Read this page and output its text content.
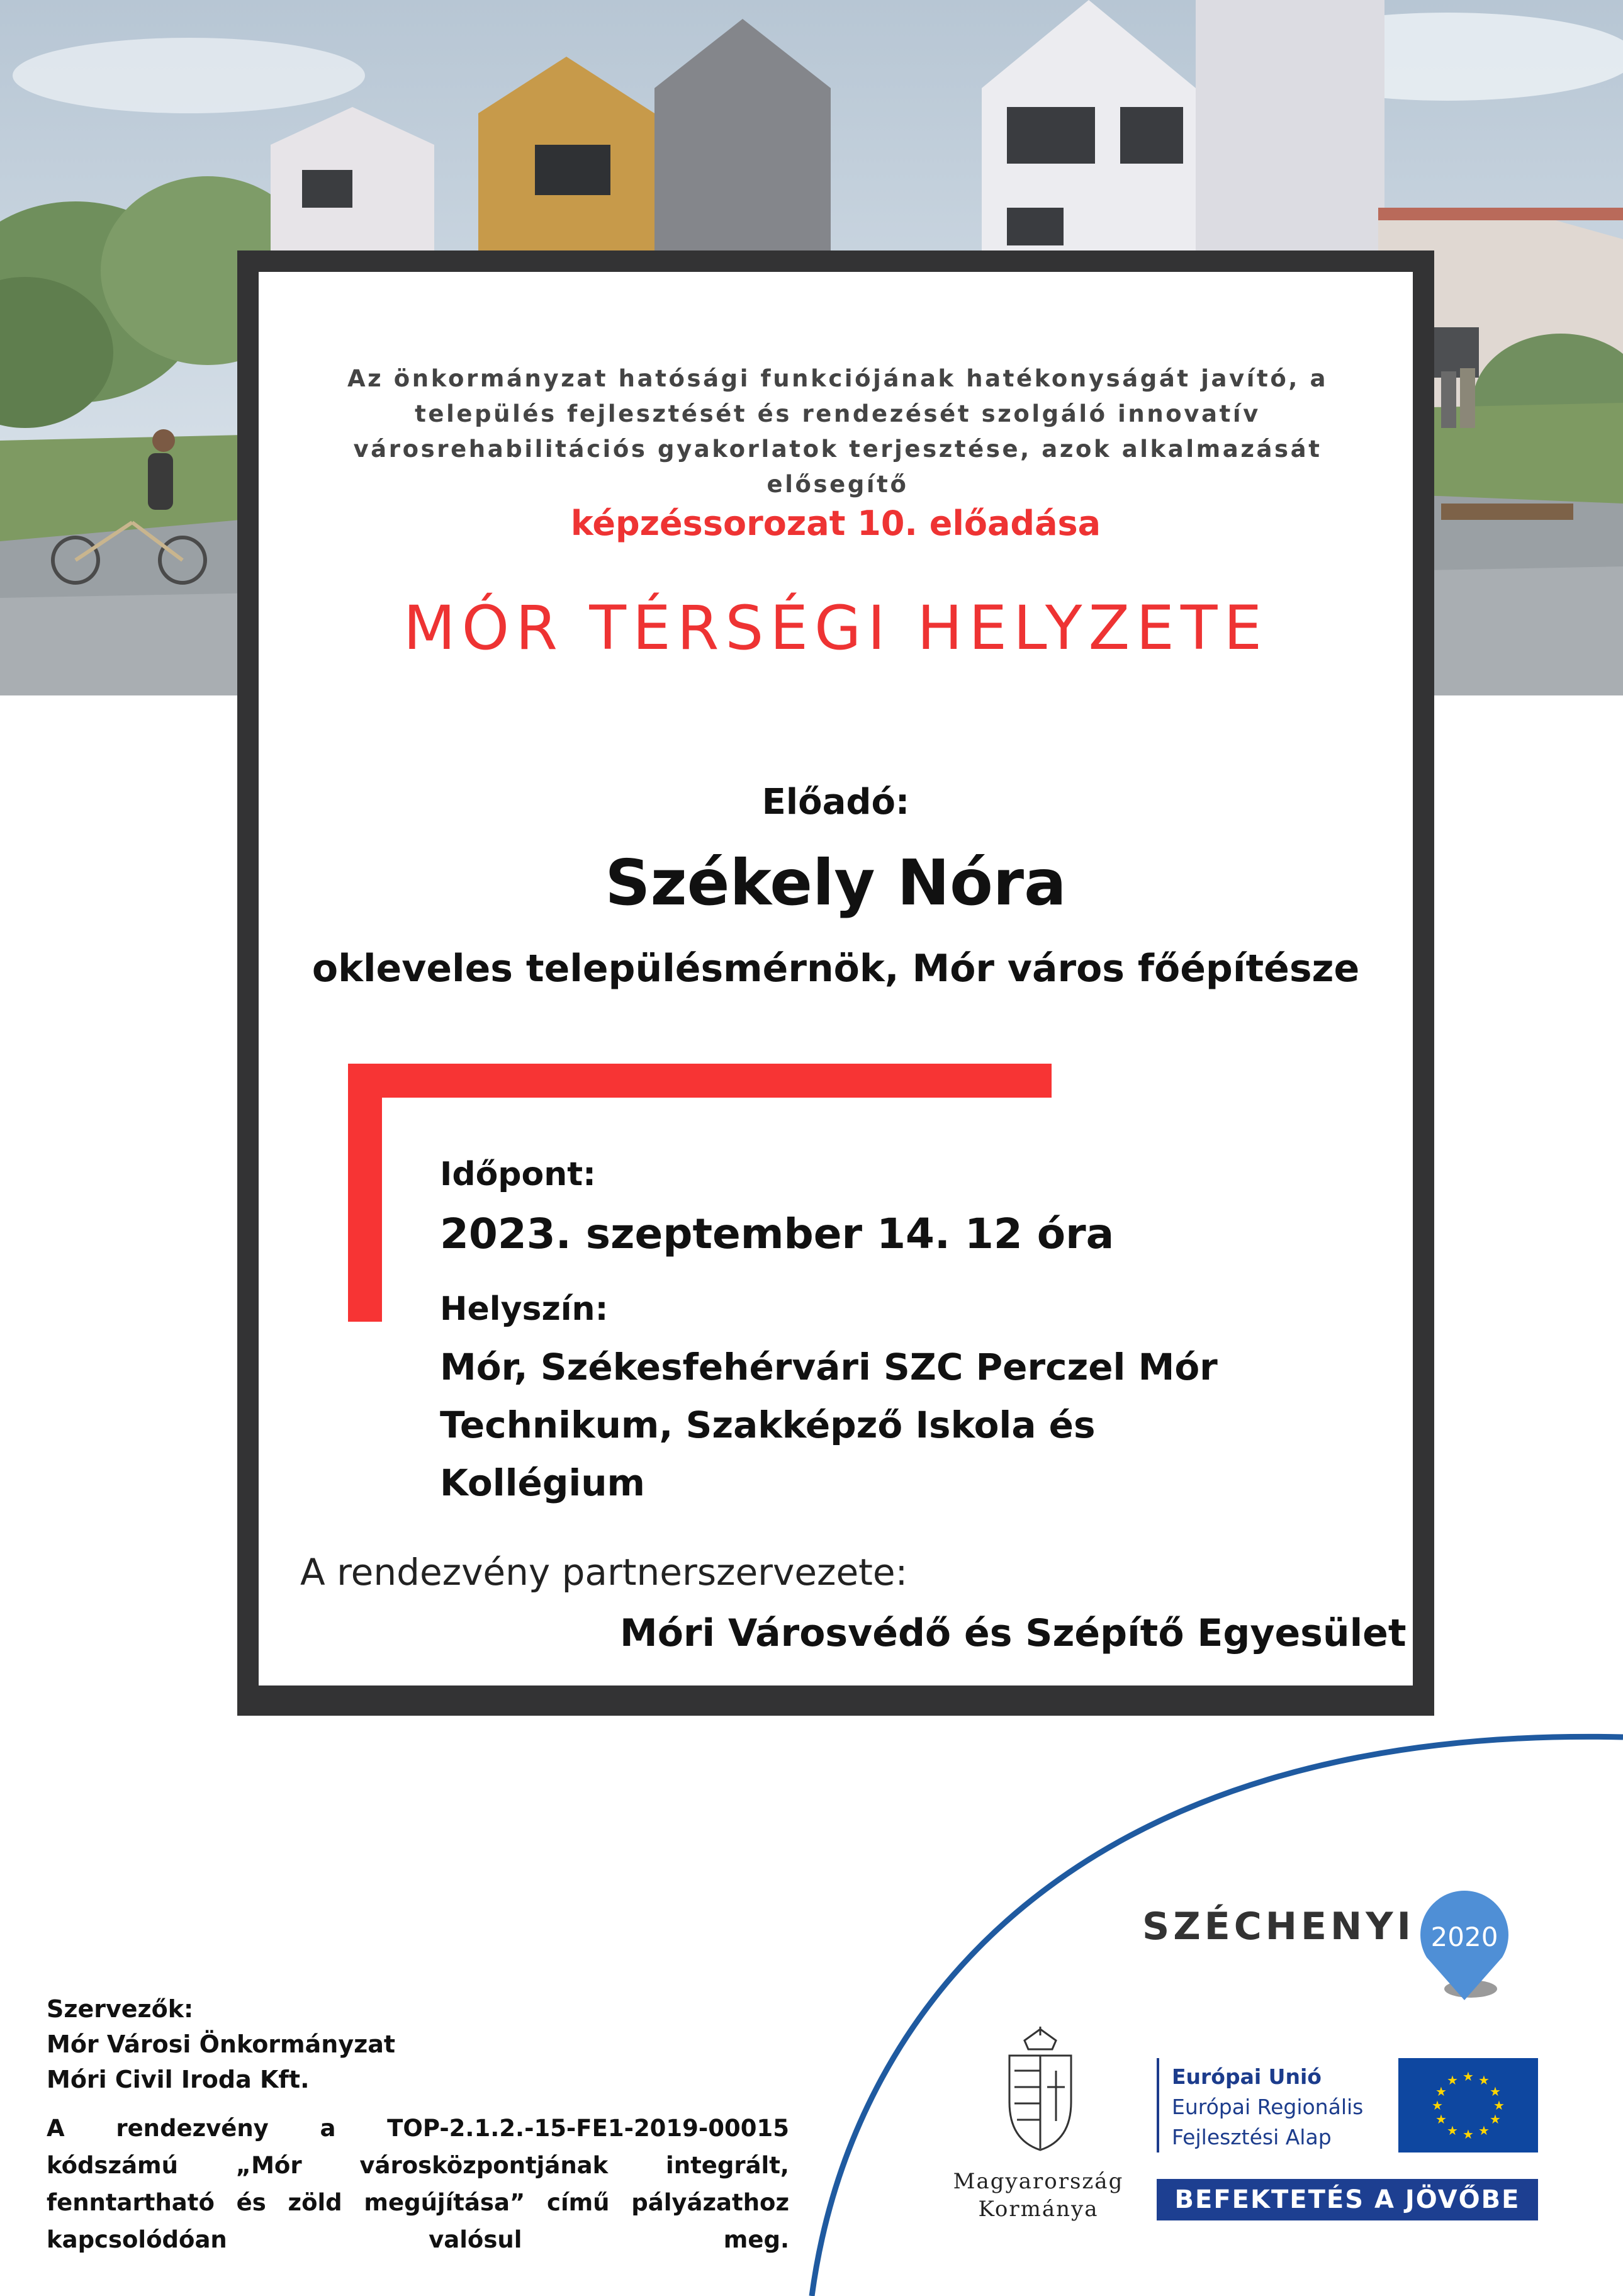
Az önkormányzat hatósági funkciójának hatékonyságát javító, a település fejlesztését és rendezését szolgáló innovatív városrehabilitációs gyakorlatok terjesztése, azok alkalmazását elősegítő

képzéssorozat 10. előadása
MÓR TÉRSÉGI HELYZETE
Előadó:
Székely Nóra
okleveles településmérnök, Mór város főépítésze
Időpont:
2023. szeptember 14. 12 óra
Helyszín:

Mór, Székesfehérvári SZC Perczel Mór Technikum, Szakképző Iskola és Kollégium

A rendezvény partnerszervezete:
Móri Városvédő és Szépítő Egyesület
SZÉCHENYI 2020
Szervezők:
Mór Városi Önkormányzat
Móri Civil Iroda Kft.

A rendezvény a TOP-2.1.2.-15-FE1-2019-00015 kódszámú „Mór városközpontjának integrált, fenntartható és zöld megújítása” című pályázathoz kapcsolódóan valósul meg.

Magyarország
Kormánya
Európai Unió
Európai Regionális
Fejlesztési Alap
★ ★
★
★
★
★
★
★
★
★
★
★
BEFEKTETÉS A JÖVŐBE
